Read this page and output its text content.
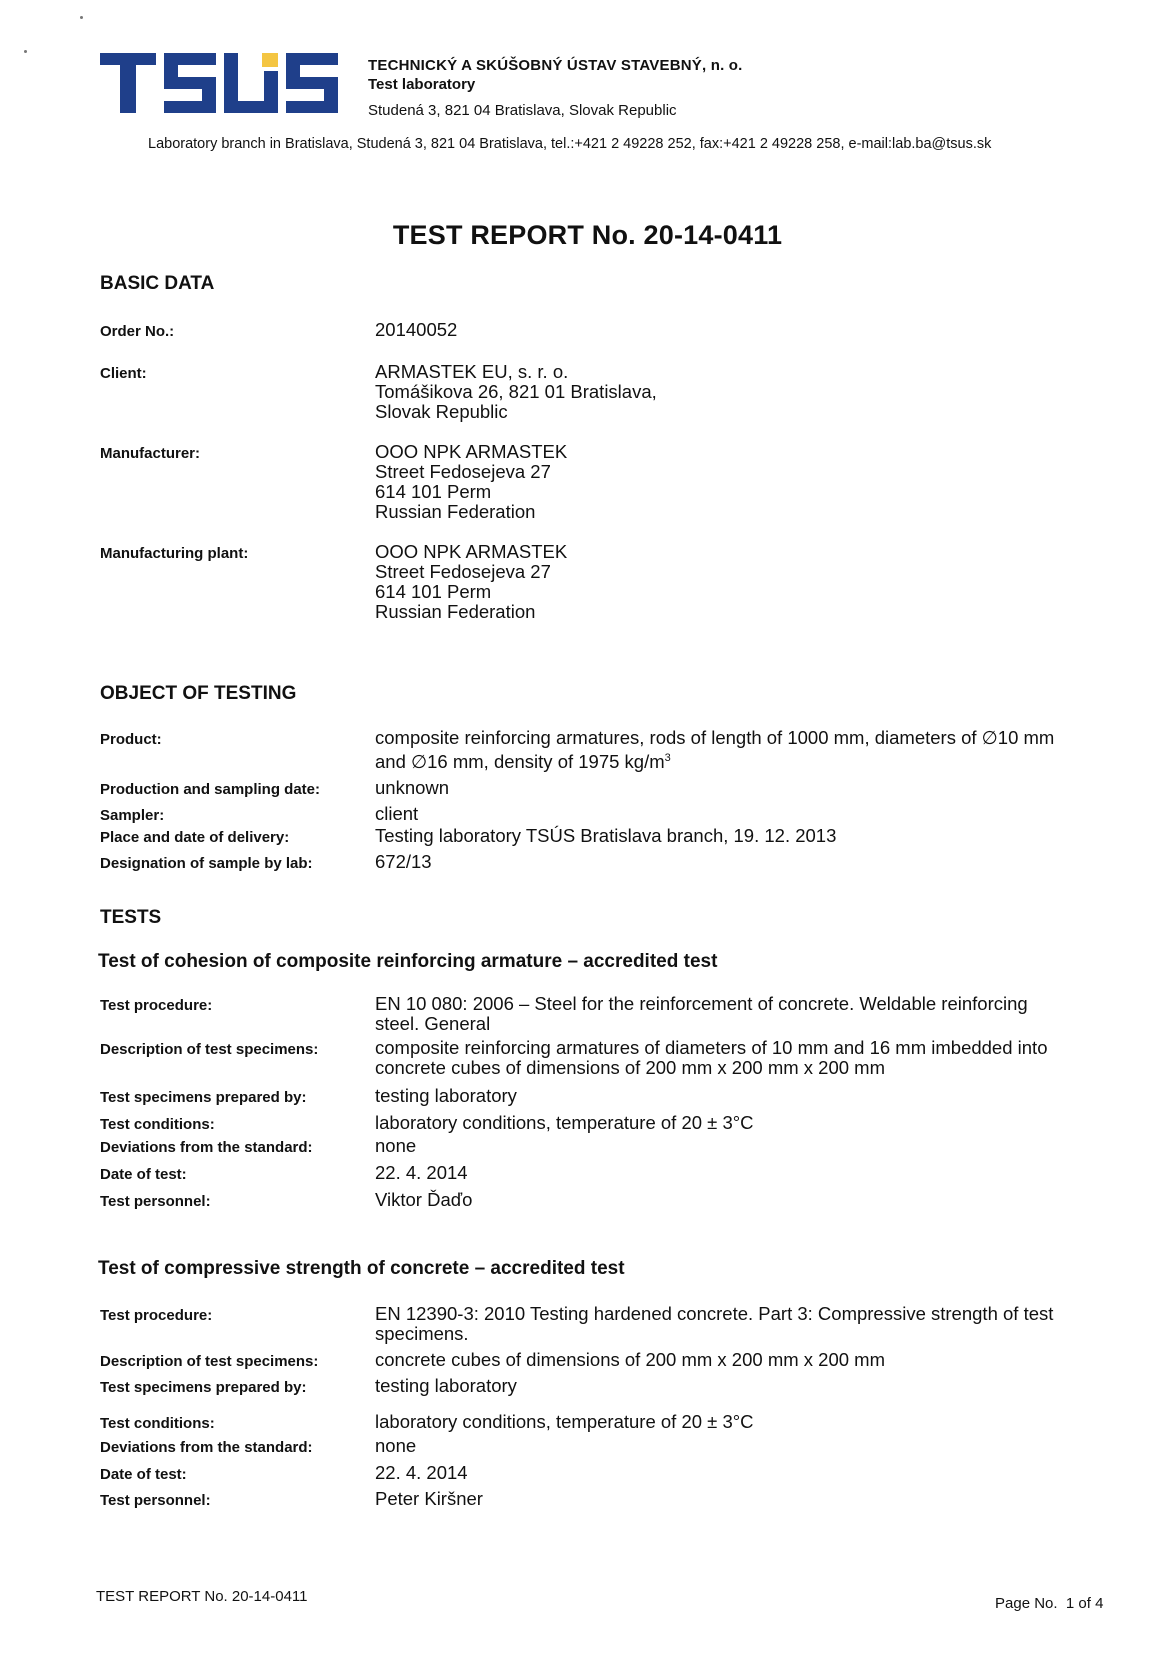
TECHNICKÝ A SKÚŠOBNÝ ÚSTAV STAVEBNÝ, n. o.
Test laboratory
Studená 3, 821 04 Bratislava, Slovak Republic
Laboratory branch in Bratislava, Studená 3, 821 04 Bratislava, tel.:+421 2 49228 252, fax:+421 2 49228 258, e-mail:lab.ba@tsus.sk
TEST REPORT No. 20-14-0411
BASIC DATA
Order No.:	20140052
Client:	ARMASTEK EU, s. r. o.
Tomášikova 26, 821 01 Bratislava,
Slovak Republic
Manufacturer:	OOO NPK ARMASTEK
Street Fedosejeva 27
614 101 Perm
Russian Federation
Manufacturing plant:	OOO NPK ARMASTEK
Street Fedosejeva 27
614 101 Perm
Russian Federation
OBJECT OF TESTING
Product:	composite reinforcing armatures, rods of length of 1000 mm, diameters of ∅10 mm
and ∅16 mm, density of 1975 $kg/m^3$
Production and sampling date:	unknown
Sampler:	client
Place and date of delivery:	Testing laboratory TSÚS Bratislava branch, 19. 12. 2013
Designation of sample by lab:	672/13
TESTS
Test of cohesion of composite reinforcing armature – accredited test
Test procedure:	EN 10 080: 2006 – Steel for the reinforcement of concrete. Weldable reinforcing
steel. General
Description of test specimens:	composite reinforcing armatures of diameters of 10 mm and 16 mm imbedded into
concrete cubes of dimensions of 200 mm x 200 mm x 200 mm
Test specimens prepared by:	testing laboratory
Test conditions:	laboratory conditions, temperature of 20 ± 3°C
Deviations from the standard:	none
Date of test:	22. 4. 2014
Test personnel:	Viktor Ďaďo
Test of compressive strength of concrete – accredited test
Test procedure:	EN 12390-3: 2010 Testing hardened concrete. Part 3: Compressive strength of test
specimens.
Description of test specimens:	concrete cubes of dimensions of 200 mm x 200 mm x 200 mm
Test specimens prepared by:	testing laboratory
Test conditions:	laboratory conditions, temperature of 20 ± 3°C
Deviations from the standard:	none
Date of test:	22. 4. 2014
Test personnel:	Peter Kiršner
TEST REPORT No. 20-14-0411	Page No. 1 of 4
